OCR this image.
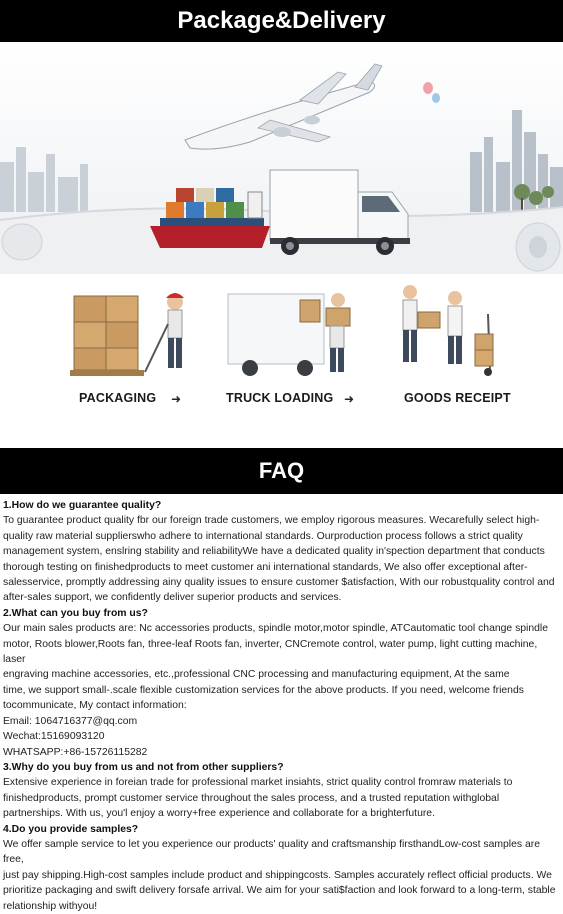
Package&Delivery
PACKAGING ➜	TRUCK LOADING ➜	GOODS RECEIPT
FAQ
1.How do we guarantee quality?
To guarantee product quality fbr our foreign trade customers, we employ rigorous measures. Wecarefully select high-
quality raw material supplierswho adhere to international standards. Ourproduction process follows a strict quality
management system, enslring stability and reliabilityWe have a dedicated quality in'spection department that conducts
thorough testing on finishedproducts to meet customer ani international standards, We also offer exceptional after-
salesservice, promptly addressing ainy quality issues to ensure customer $atisfaction, With our robustquality control and
after-sales support, we confidently deliver superior products and services.
2.What can you buy from us?
Our main sales products are: Nc accessories products, spindle motor,motor spindle, ATCautomatic tool change spindle
motor, Roots blower,Roots fan, three-leaf Roots fan, inverter, CNCremote control, water pump, light cutting machine, laser
engraving machine accessories, etc.,professional CNC processing and manufacturing equipment, At the same
time, we support small-.scale flexible customization services for the above products. If you need, welcome friends
tocommunicate, My contact information:
Email: 1064716377@qq.com
Wechat:15169093120
WHATSAPP:+86-15726115282
3.Why do you buy from us and not from other suppliers?
Extensive experience in foreian trade for professional market insiahts, strict quality control fromraw materials to
finishedproducts, prompt customer service throughout the sales process, and a trusted reputation withglobal
partnerships. With us, you'l enjoy a worry+free experience and collaborate for a brighterfuture.
4.Do you provide samples?
We offer sample service to let you experience our products' quality and craftsmanship firsthandLow-cost samples are free,
just pay shipping.High-cost samples include product and shippingcosts. Samples accurately reflect official products. We
prioritize packaging and swift delivery forsafe arrival. We aim for your sati$faction and look forward to a long-term, stable
relationship withyou!
